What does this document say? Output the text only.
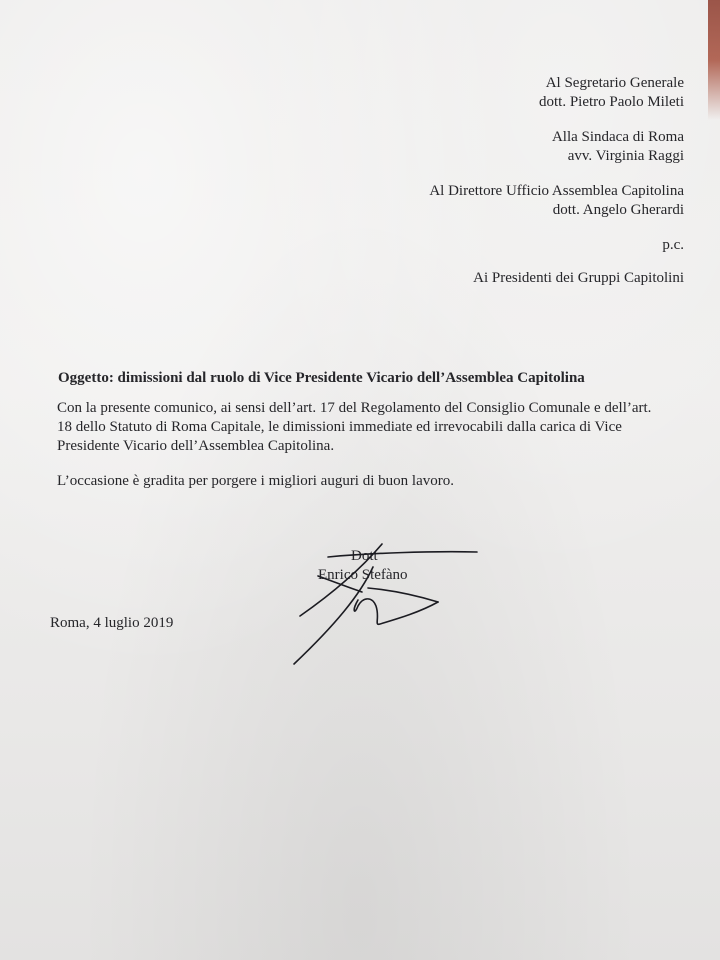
Al Segretario Generale
dott. Pietro Paolo Mileti
Alla Sindaca di Roma
avv. Virginia Raggi
Al Direttore Ufficio Assemblea Capitolina
dott. Angelo Gherardi
p.c.
Ai Presidenti dei Gruppi Capitolini
Oggetto: dimissioni dal ruolo di Vice Presidente Vicario dell’Assemblea Capitolina
Con la presente comunico, ai sensi dell’art. 17 del Regolamento del Consiglio Comunale e dell’art.
18 dello Statuto di Roma Capitale, le dimissioni immediate ed irrevocabili dalla carica di Vice
Presidente Vicario dell’Assemblea Capitolina.
L’occasione è gradita per porgere i migliori auguri di buon lavoro.
Dott
Enrico Stefàno
Roma, 4 luglio 2019
